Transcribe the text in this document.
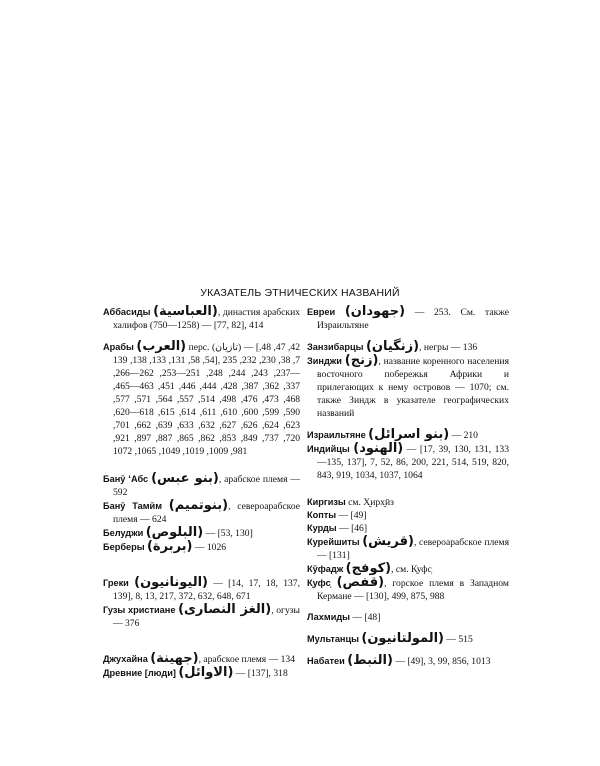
УКАЗАТЕЛЬ ЭТНИЧЕСКИХ НАЗВАНИЙ

Аббасиды (العباسية), династия арабских халифов (750—1258) — [77, 82], 414

Арабы (العرب) перс. (تازيان) — [42, 47, 48, 54, 58, 131, 133, 138, 139], 7, 38, 230, 232, 235—237, 243, 244, 248, 251—253, 262—266, 337, 362, 387, 428, 444, 446, 451, 463—465, 468, 473, 476, 498, 514, 557, 564, 571, 577, 590, 599, 600, 610, 611, 614, 615, 618—620, 623, 624, 626, 627, 632, 633, 639, 662, 701, 720, 737, 849, 853, 862, 865, 887, 897, 921, 981, 1009, 1019, 1049, 1065, 1072

Банӯ ʻАбс (بنو عبس), арабское племя — 592

Банӯ Тамӣм (بنوتميم), североарабское племя — 624

Белуджи (البلوص) — [53, 130]

Берберы (بربرة) — 1026

Греки (اليونانيون) — [14, 17, 18, 137, 139], 8, 13, 217, 372, 632, 648, 671

Гузы христиане (الغز النصارى), огузы — 376

Джухайна (جهينة), арабское племя — 134

Древние [люди] (الاوائل) — [137], 318

Евреи (جهودان) — 253. См. также Израильтяне

Занзибарцы (زنگيان), негры — 136

Зинджи (زنج), название коренного населения восточного побережья Африки и прилегающих к нему островов — 1070; см. также Зиндж в указателе географических названий

Израильтяне (بنو اسرائل) — 210

Индийцы (الهنود) — [17, 39, 130, 131, 133—135, 137], 7, 52, 86, 200, 221, 514, 519, 820, 843, 919, 1034, 1037, 1064

Киргизы см. Х̮ирх̮ӣз

Копты — [49]

Курды — [46]

Курейшиты (قريش), североарабское племя — [131]

Кӯфадж (كوفج), см. К̣уфс̣

К̣уфс̣ (قفص), горское племя в Западном Кермане — [130], 499, 875, 988

Лахмиды — [48]

Мультанцы (المولتانيون) — 515

Набатеи (النبط) — [49], 3, 99, 856, 1013
